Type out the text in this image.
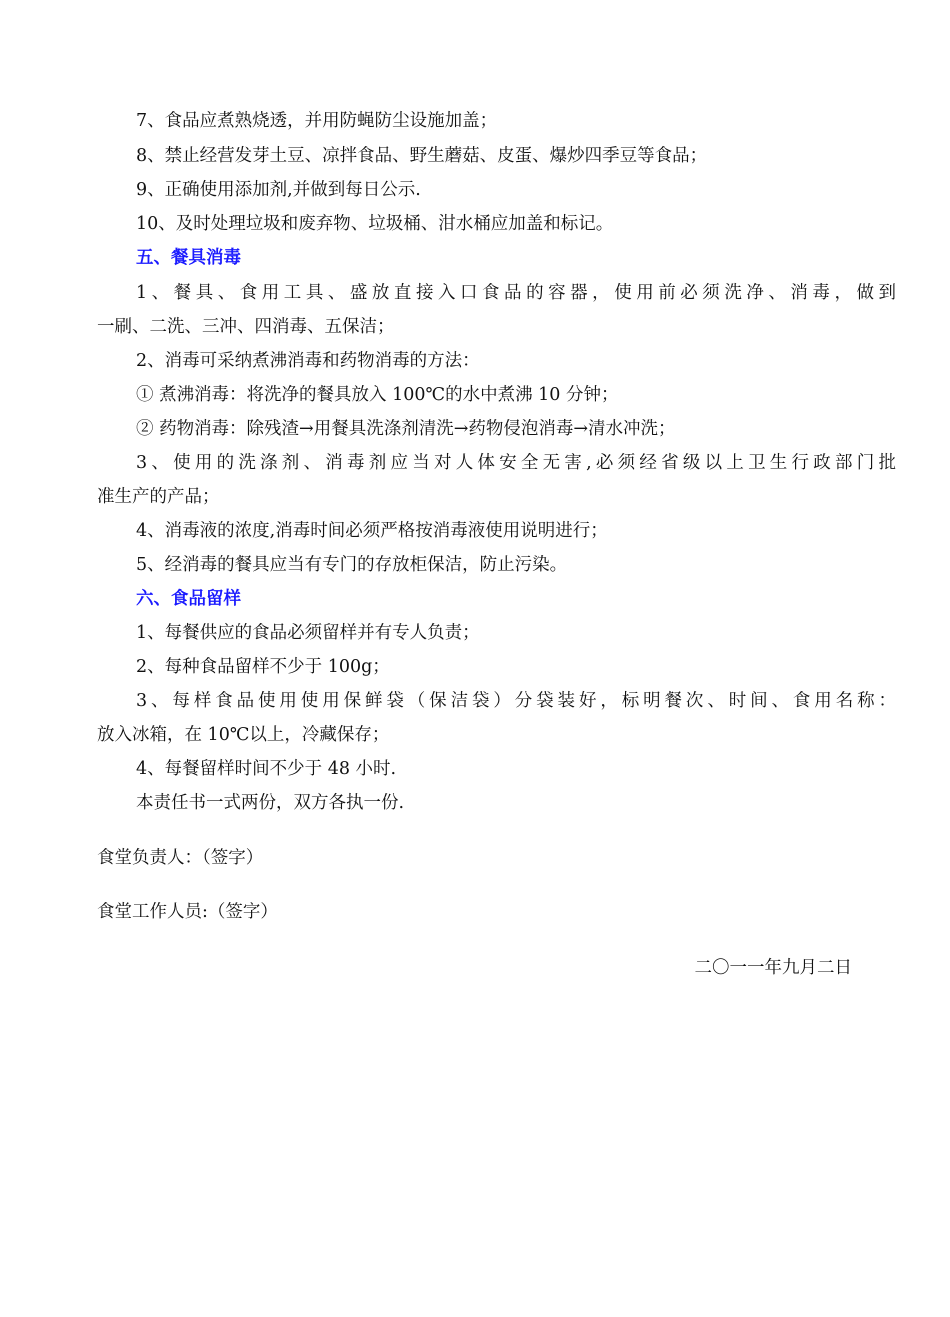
7、食品应煮熟烧透，并用防蝇防尘设施加盖；
8、禁止经营发芽土豆、凉拌食品、野生蘑菇、皮蛋、爆炒四季豆等食品；
9、正确使用添加剂,并做到每日公示.
10、及时处理垃圾和废弃物、垃圾桶、泔水桶应加盖和标记。
五、餐具消毒
1、餐具、食用工具、盛放直接入口食品的容器，使用前必须洗净、消毒，做到
一刷、二洗、三冲、四消毒、五保洁；
2、消毒可采纳煮沸消毒和药物消毒的方法：
① 煮沸消毒：将洗净的餐具放入 100℃的水中煮沸 10 分钟；
② 药物消毒：除残渣→用餐具洗涤剂清洗→药物侵泡消毒→清水冲洗；
3、使用的洗涤剂、消毒剂应当对人体安全无害,必须经省级以上卫生行政部门批
准生产的产品；
4、消毒液的浓度,消毒时间必须严格按消毒液使用说明进行；
5、经消毒的餐具应当有专门的存放柜保洁，防止污染。
六、食品留样
1、每餐供应的食品必须留样并有专人负责；
2、每种食品留样不少于 100g；
3、每样食品使用使用保鲜袋（保洁袋）分袋装好，标明餐次、时间、食用名称：
放入冰箱，在 10℃以上，冷藏保存；
4、每餐留样时间不少于 48 小时.
本责任书一式两份，双方各执一份.
食堂负责人：（签字）
食堂工作人员:（签字）
二〇一一年九月二日
